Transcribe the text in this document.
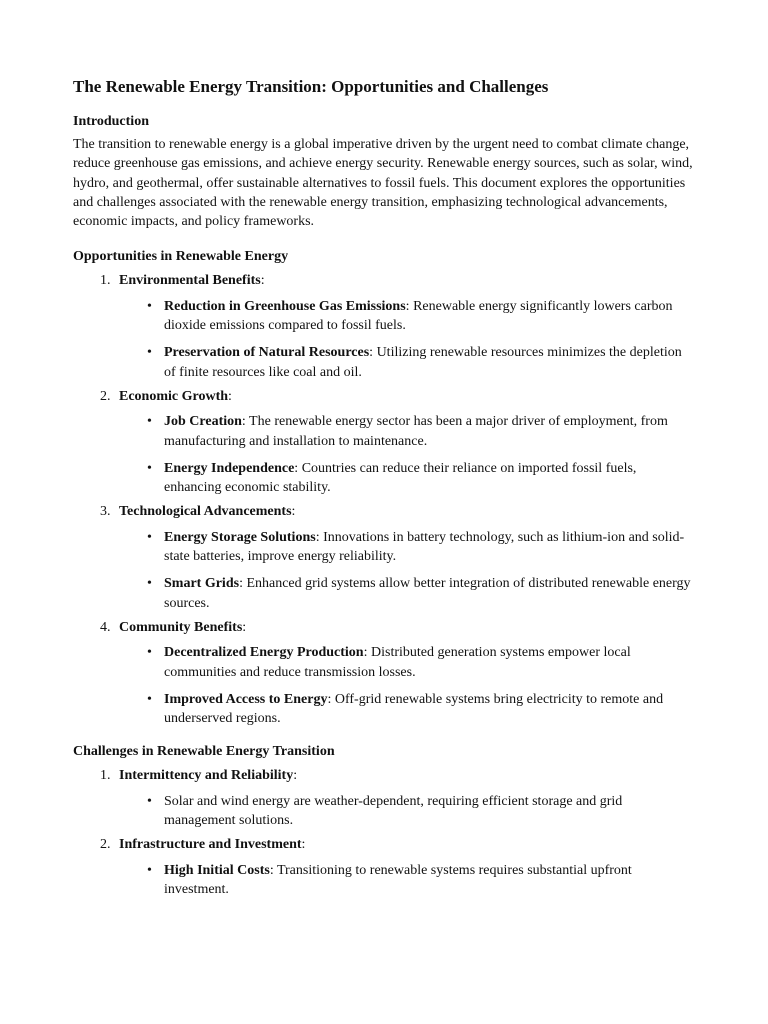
The Renewable Energy Transition: Opportunities and Challenges
Introduction

The transition to renewable energy is a global imperative driven by the urgent need to combat climate change, reduce greenhouse gas emissions, and achieve energy security. Renewable energy sources, such as solar, wind, hydro, and geothermal, offer sustainable alternatives to fossil fuels. This document explores the opportunities and challenges associated with the renewable energy transition, emphasizing technological advancements, economic impacts, and policy frameworks.

Opportunities in Renewable Energy
1. Environmental Benefits:
• Reduction in Greenhouse Gas Emissions: Renewable energy significantly lowers carbon dioxide emissions compared to fossil fuels.
• Preservation of Natural Resources: Utilizing renewable resources minimizes the depletion of finite resources like coal and oil.
2. Economic Growth:
• Job Creation: The renewable energy sector has been a major driver of employment, from manufacturing and installation to maintenance.
• Energy Independence: Countries can reduce their reliance on imported fossil fuels, enhancing economic stability.
3. Technological Advancements:
• Energy Storage Solutions: Innovations in battery technology, such as lithium-ion and solid-state batteries, improve energy reliability.
• Smart Grids: Enhanced grid systems allow better integration of distributed renewable energy sources.
4. Community Benefits:
• Decentralized Energy Production: Distributed generation systems empower local communities and reduce transmission losses.
• Improved Access to Energy: Off-grid renewable systems bring electricity to remote and underserved regions.
Challenges in Renewable Energy Transition
1. Intermittency and Reliability:
• Solar and wind energy are weather-dependent, requiring efficient storage and grid management solutions.
2. Infrastructure and Investment:
• High Initial Costs: Transitioning to renewable systems requires substantial upfront investment.
